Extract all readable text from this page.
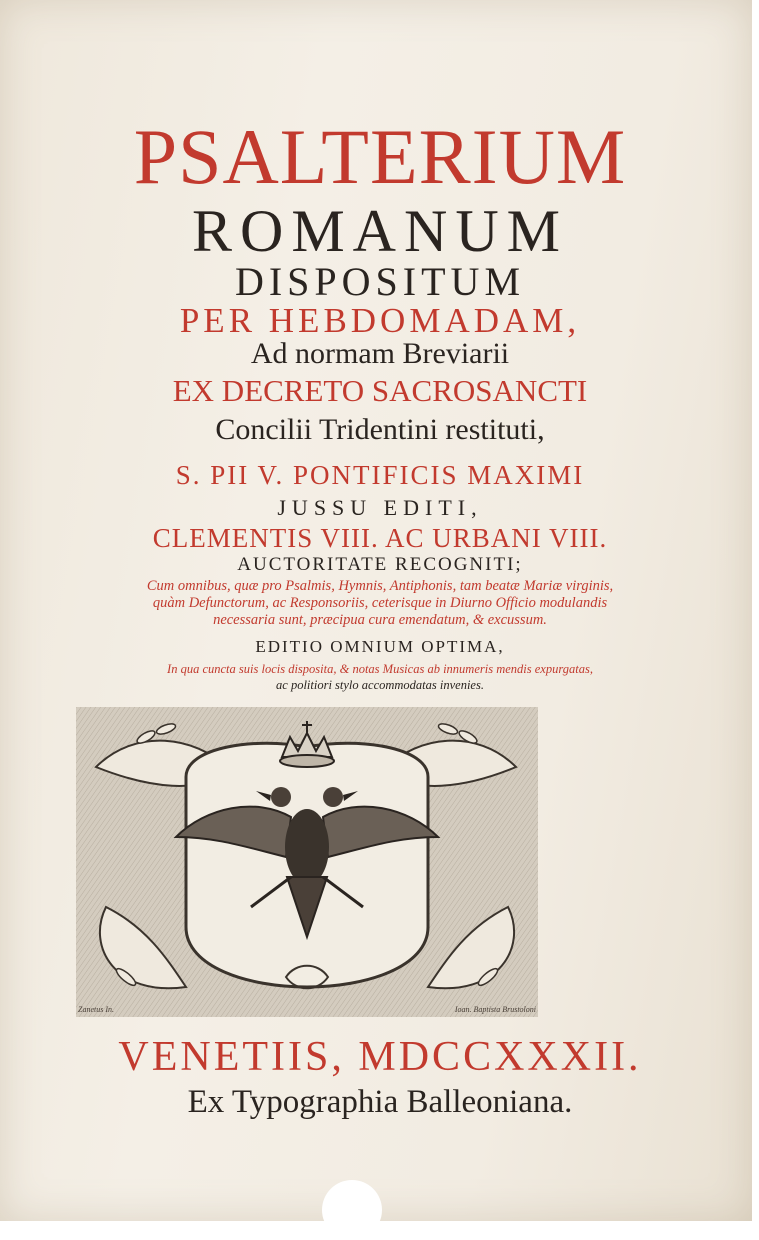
PSALTERIUM
ROMANUM
DISPOSITUM
PER HEBDOMADAM,
Ad normam Breviarii
EX DECRETO SACROSANCTI
Concilii Tridentini restituti,
S. PII V. PONTIFICIS MAXIMI
JUSSU EDITI,
CLEMENTIS VIII. AC URBANI VIII.
AUCTORITATE RECOGNITI;
Cum omnibus, quæ pro Psalmis, Hymnis, Antiphonis, tam beatæ Mariæ virginis,
quàm Defunctorum, ac Responsoriis, ceterisque in Diurno Officio modulandis
necessaria sunt, præcipua cura emendatum, & excussum.
EDITIO OMNIUM OPTIMA,
In qua cuncta suis locis disposita, & notas Musicas ab innumeris mendis expurgatas,
ac politiori stylo accommodatas invenies.
Zanetus In.	Ioan. Baptista Brustoloni
VENETIIS, MDCCXXXII.
Ex Typographia Balleoniana.
